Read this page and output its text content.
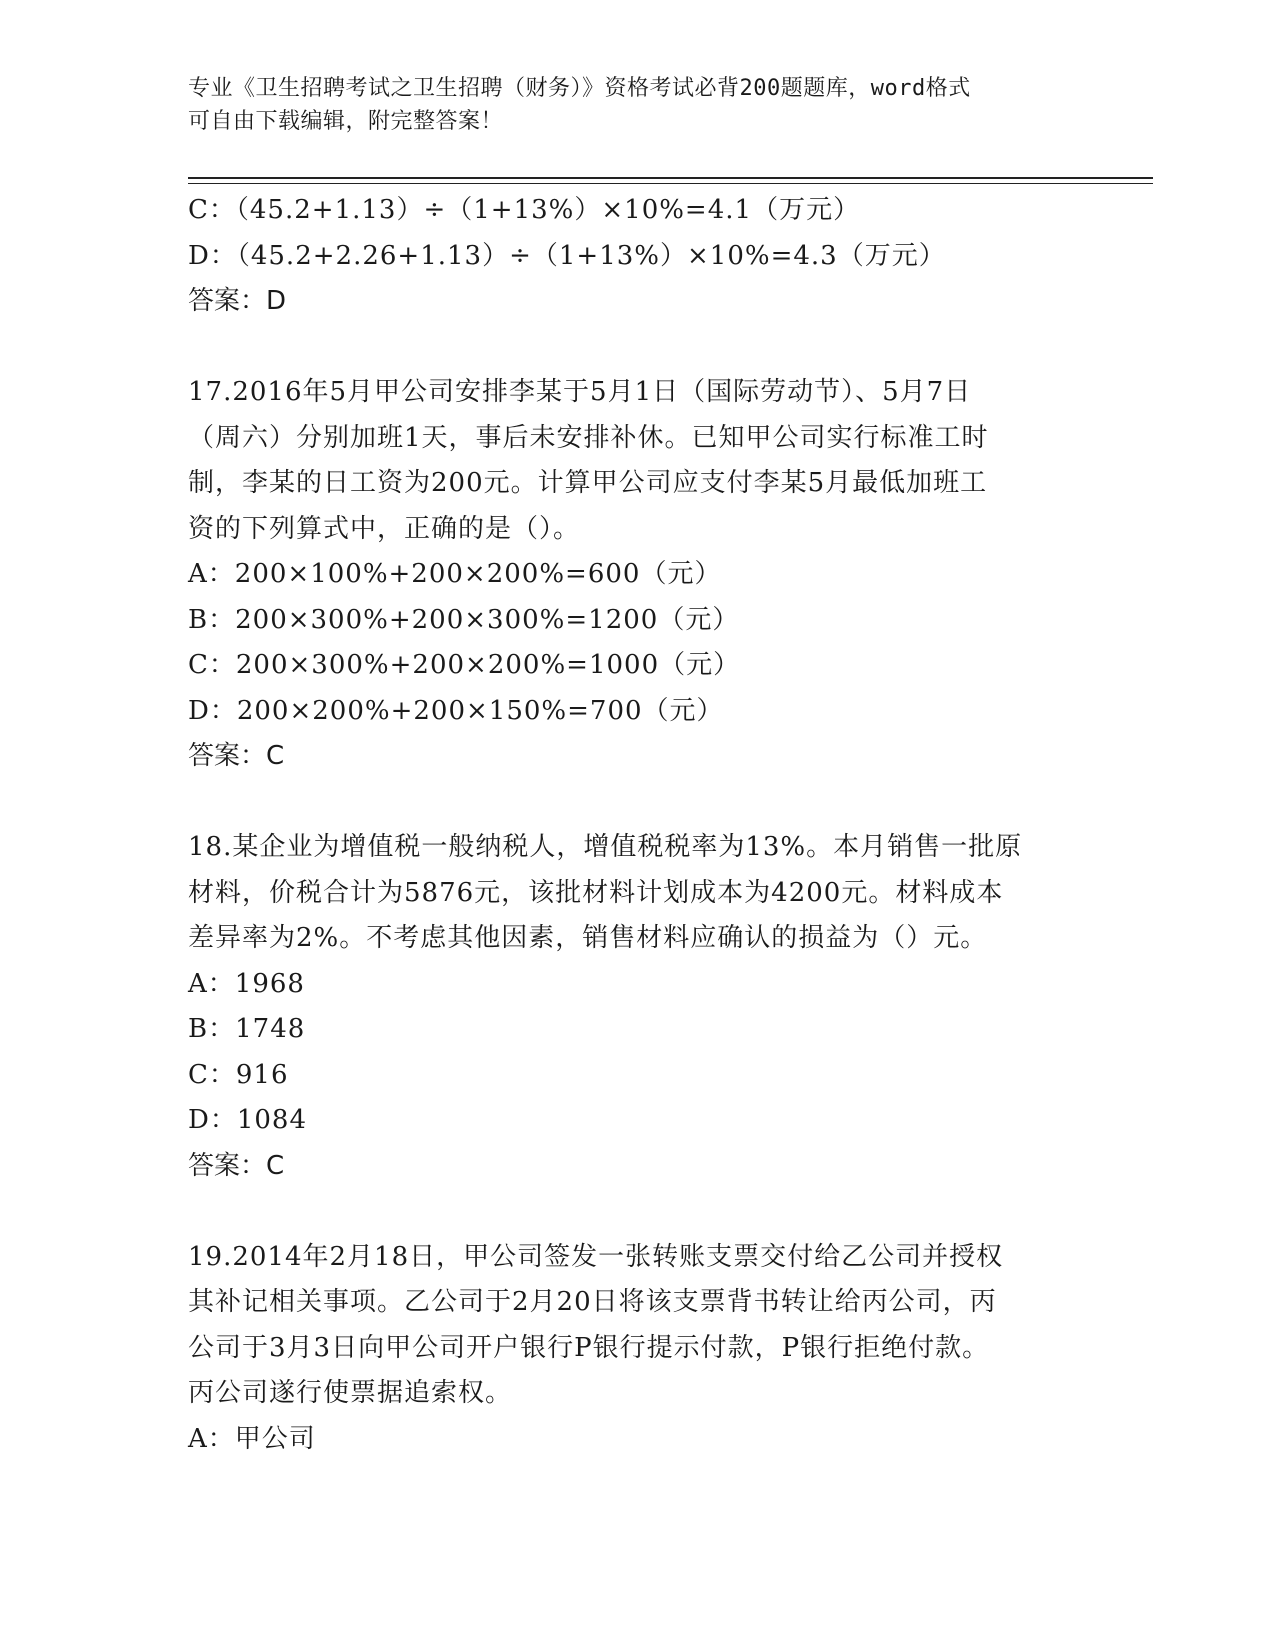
专业《卫生招聘考试之卫生招聘（财务）》资格考试必背200题题库，word格式
可自由下载编辑，附完整答案！
C：（45.2+1.13）÷（1+13%）×10%=4.1（万元）
D：（45.2+2.26+1.13）÷（1+13%）×10%=4.3（万元）
答案：D
17.2016年5月甲公司安排李某于5月1日（国际劳动节）、5月7日
（周六）分别加班1天，事后未安排补休。已知甲公司实行标准工时
制，李某的日工资为200元。计算甲公司应支付李某5月最低加班工
资的下列算式中，正确的是（）。
A：200×100%+200×200%=600（元）
B：200×300%+200×300%=1200（元）
C：200×300%+200×200%=1000（元）
D：200×200%+200×150%=700（元）
答案：C
18.某企业为增值税一般纳税人，增值税税率为13%。本月销售一批原
材料，价税合计为5876元，该批材料计划成本为4200元。材料成本
差异率为2%。不考虑其他因素，销售材料应确认的损益为（）元。
A：1968
B：1748
C：916
D：1084
答案：C
19.2014年2月18日，甲公司签发一张转账支票交付给乙公司并授权
其补记相关事项。乙公司于2月20日将该支票背书转让给丙公司，丙
公司于3月3日向甲公司开户银行P银行提示付款，P银行拒绝付款。
丙公司遂行使票据追索权。
A：甲公司
